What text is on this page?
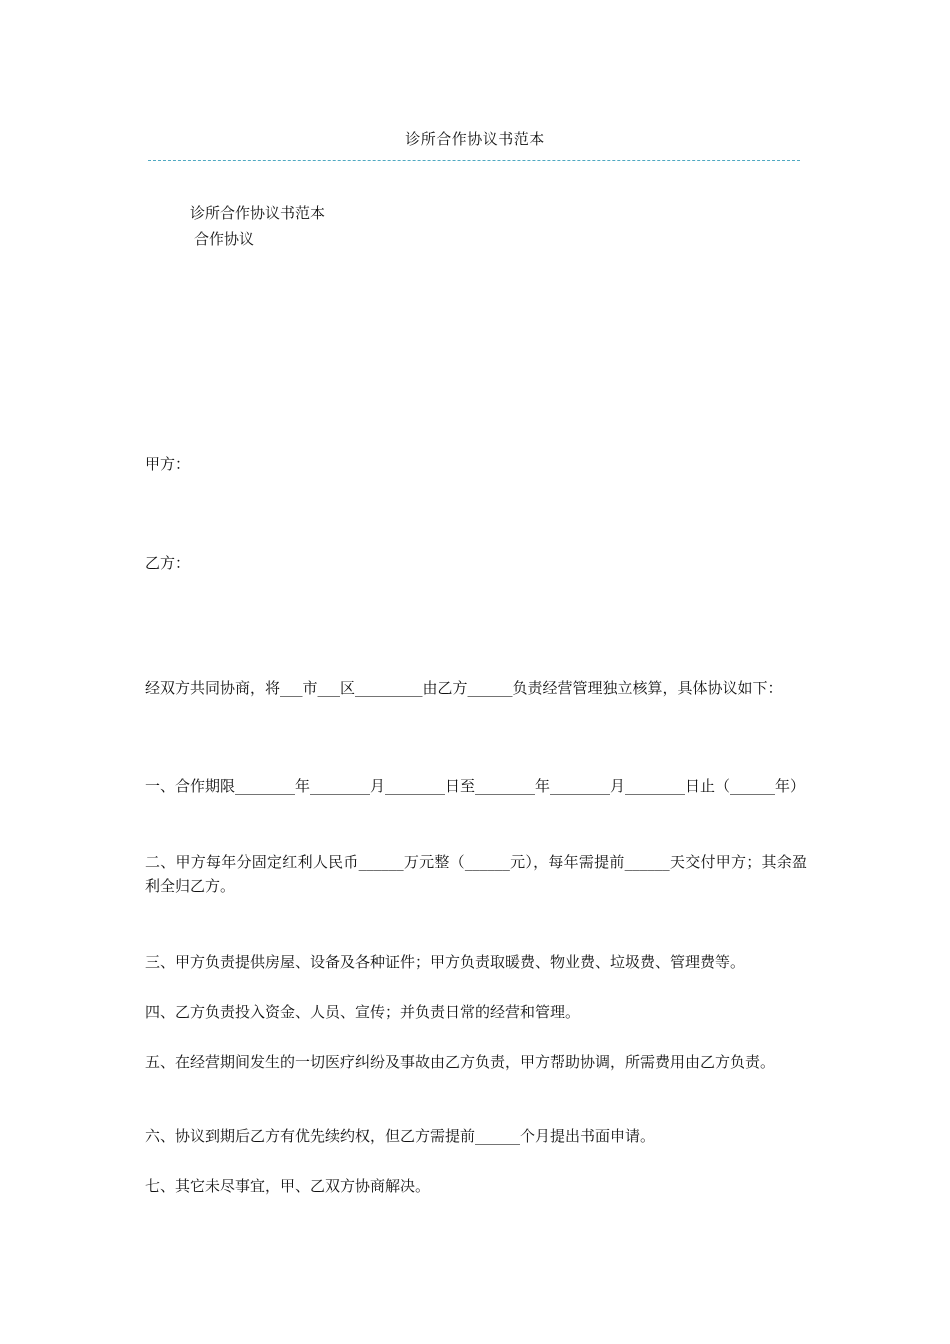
诊所合作协议书范本
诊所合作协议书范本
合作协议
甲方：
乙方：
经双方共同协商，将___市___区_________由乙方______负责经营管理独立核算，具体协议如下：
一、合作期限________年________月________日至________年________月________日止（______年）
二、甲方每年分固定红利人民币______万元整（______元），每年需提前______天交付甲方；其余盈利全归乙方。
三、甲方负责提供房屋、设备及各种证件；甲方负责取暖费、物业费、垃圾费、管理费等。
四、乙方负责投入资金、人员、宣传；并负责日常的经营和管理。
五、在经营期间发生的一切医疗纠纷及事故由乙方负责，甲方帮助协调，所需费用由乙方负责。
六、协议到期后乙方有优先续约权，但乙方需提前______个月提出书面申请。
七、其它未尽事宜，甲、乙双方协商解决。
